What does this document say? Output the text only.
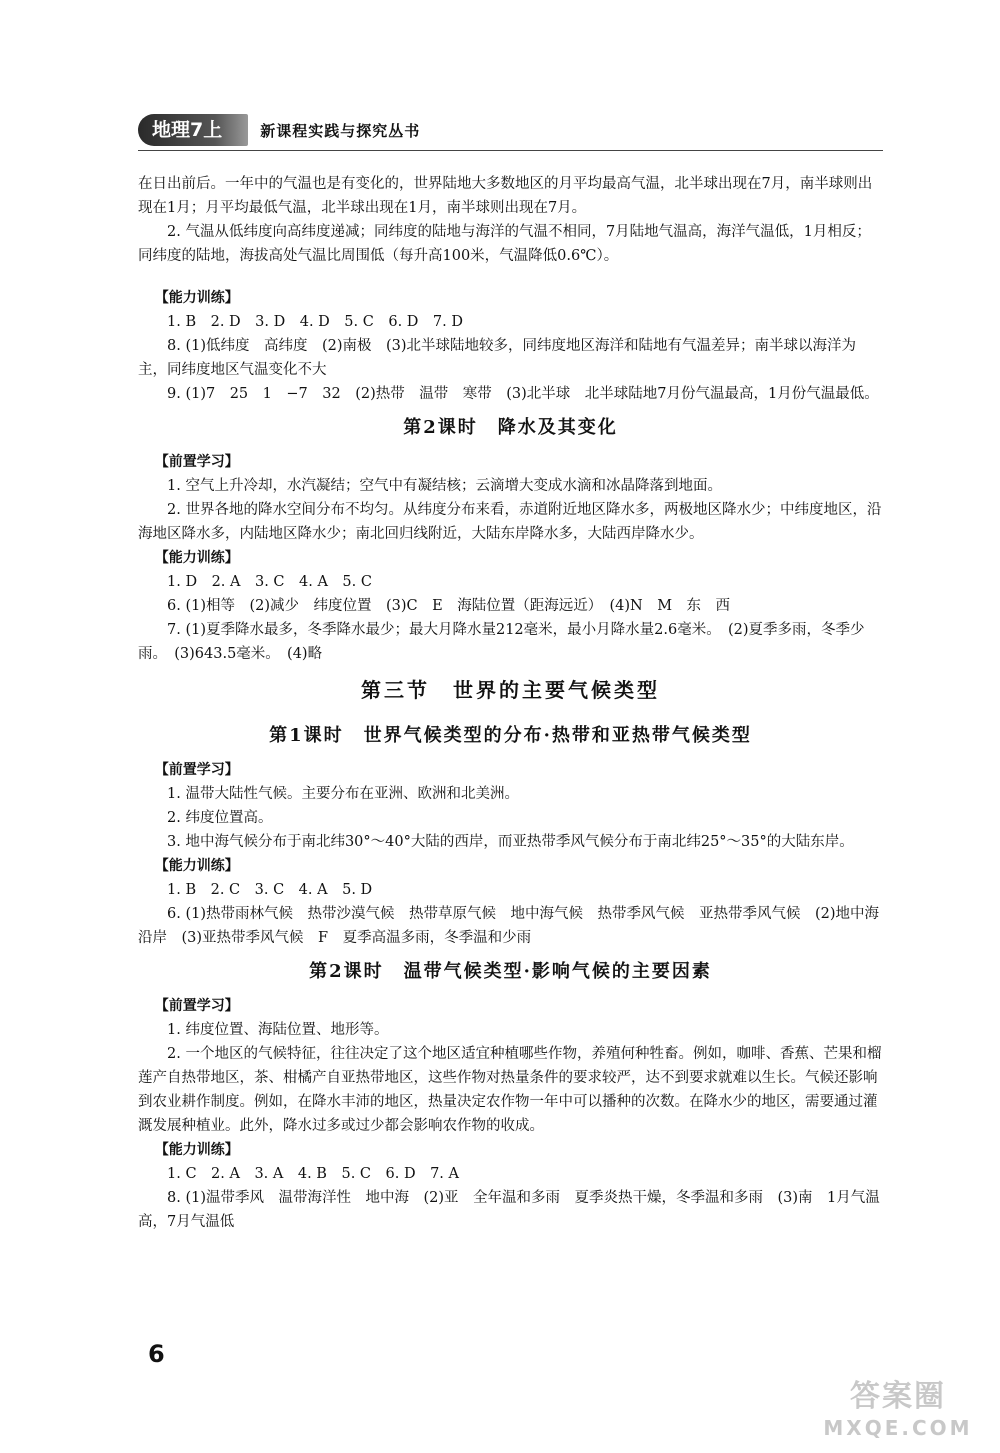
地理7上	新课程实践与探究丛书

在日出前后。一年中的气温也是有变化的，世界陆地大多数地区的月平均最高气温，北半球出现在7月，南半球则出现在1月；月平均最低气温，北半球出现在1月，南半球则出现在7月。

2. 气温从低纬度向高纬度递减；同纬度的陆地与海洋的气温不相同，7月陆地气温高，海洋气温低，1月相反；同纬度的陆地，海拔高处气温比周围低（每升高100米，气温降低0.6℃）。

【能力训练】

1. B　2. D　3. D　4. D　5. C　6. D　7. D

8. (1)低纬度　高纬度　(2)南极　(3)北半球陆地较多，同纬度地区海洋和陆地有气温差异；南半球以海洋为主，同纬度地区气温变化不大

9. (1)7　25　1　−7　32　(2)热带　温带　寒带　(3)北半球　北半球陆地7月份气温最高，1月份气温最低。

第2课时　降水及其变化

【前置学习】

1. 空气上升冷却，水汽凝结；空气中有凝结核；云滴增大变成水滴和冰晶降落到地面。

2. 世界各地的降水空间分布不均匀。从纬度分布来看，赤道附近地区降水多，两极地区降水少；中纬度地区，沿海地区降水多，内陆地区降水少；南北回归线附近，大陆东岸降水多，大陆西岸降水少。

【能力训练】

1. D　2. A　3. C　4. A　5. C

6. (1)相等　(2)减少　纬度位置　(3)C　E　海陆位置（距海远近）　(4)N　M　东　西

7. (1)夏季降水最多，冬季降水最少；最大月降水量212毫米，最小月降水量2.6毫米。　(2)夏季多雨，冬季少雨。　(3)643.5毫米。　(4)略

第三节　世界的主要气候类型

第1课时　世界气候类型的分布·热带和亚热带气候类型

【前置学习】

1. 温带大陆性气候。主要分布在亚洲、欧洲和北美洲。

2. 纬度位置高。

3. 地中海气候分布于南北纬30°～40°大陆的西岸，而亚热带季风气候分布于南北纬25°～35°的大陆东岸。

【能力训练】

1. B　2. C　3. C　4. A　5. D

6. (1)热带雨林气候　热带沙漠气候　热带草原气候　地中海气候　热带季风气候　亚热带季风气候　(2)地中海沿岸　(3)亚热带季风气候　F　夏季高温多雨，冬季温和少雨

第2课时　温带气候类型·影响气候的主要因素

【前置学习】

1. 纬度位置、海陆位置、地形等。

2. 一个地区的气候特征，往往决定了这个地区适宜种植哪些作物，养殖何种牲畜。例如，咖啡、香蕉、芒果和榴莲产自热带地区，茶、柑橘产自亚热带地区，这些作物对热量条件的要求较严，达不到要求就难以生长。气候还影响到农业耕作制度。例如，在降水丰沛的地区，热量决定农作物一年中可以播种的次数。在降水少的地区，需要通过灌溉发展种植业。此外，降水过多或过少都会影响农作物的收成。

【能力训练】

1. C　2. A　3. A　4. B　5. C　6. D　7. A

8. (1)温带季风　温带海洋性　地中海　(2)亚　全年温和多雨　夏季炎热干燥，冬季温和多雨　(3)南　1月气温高，7月气温低

6
答案圈
MXQE.COM
